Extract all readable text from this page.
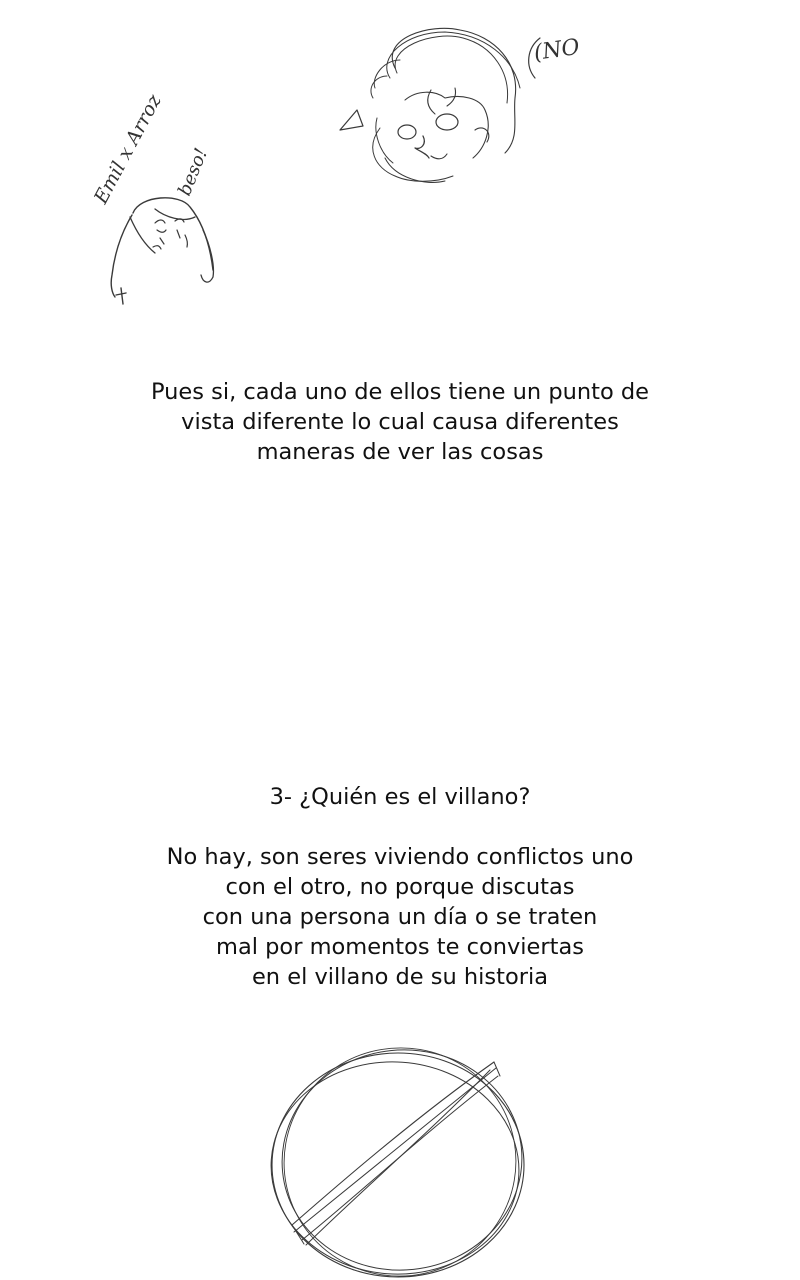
Emil x Arroz beso!
(NO
Pues si, cada uno de ellos tiene un punto de
vista diferente lo cual causa diferentes
maneras de ver las cosas
3- ¿Quién es el villano?
No hay, son seres viviendo conflictos uno
con el otro, no porque discutas
con una persona un día o se traten
mal por momentos te conviertas
en el villano de su historia
